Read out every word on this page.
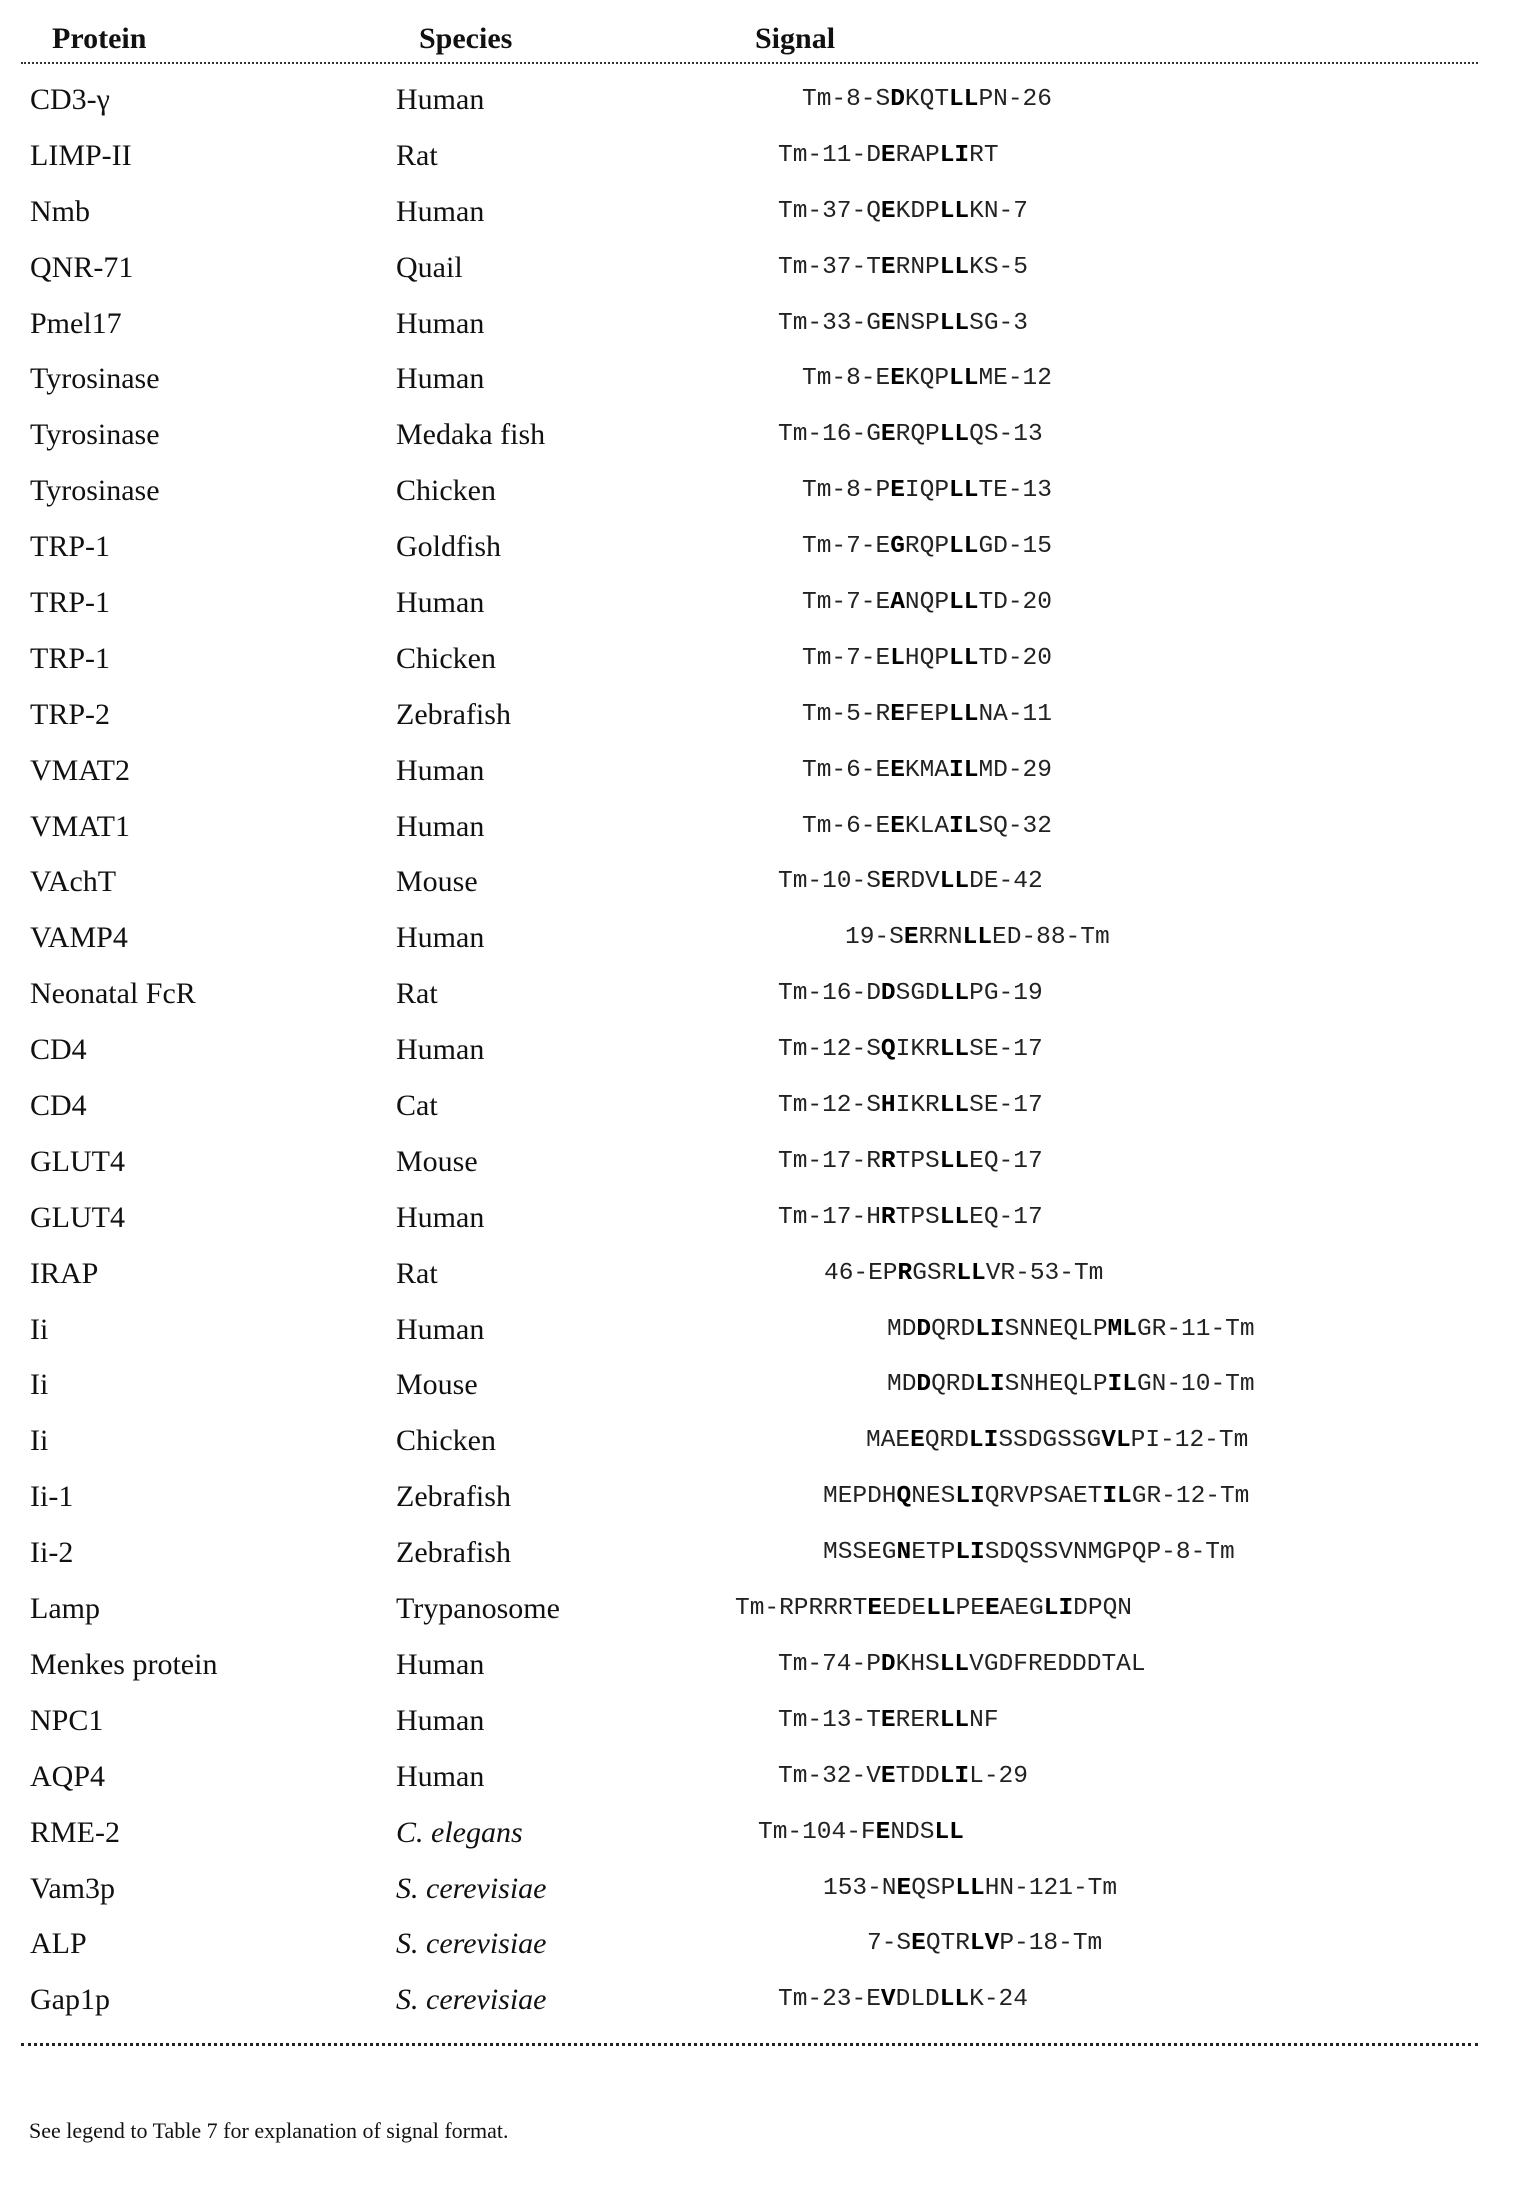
Protein	Species	Signal
CD3-γ	Human	Tm-8-SDKQTLLPN-26
LIMP-II	Rat	Tm-11-DERAPLIRT
Nmb	Human	Tm-37-QEKDPLLKN-7
QNR-71	Quail	Tm-37-TERNPLLKS-5
Pmel17	Human	Tm-33-GENSPLLSG-3
Tyrosinase	Human	Tm-8-EEKQPLLME-12
Tyrosinase	Medaka fish	Tm-16-GERQPLLQS-13
Tyrosinase	Chicken	Tm-8-PEIQPLLTE-13
TRP-1	Goldfish	Tm-7-EGRQPLLGD-15
TRP-1	Human	Tm-7-EANQPLLTD-20
TRP-1	Chicken	Tm-7-ELHQPLLTD-20
TRP-2	Zebrafish	Tm-5-REFEPLLNA-11
VMAT2	Human	Tm-6-EEKMAILMD-29
VMAT1	Human	Tm-6-EEKLAILSQ-32
VAchT	Mouse	Tm-10-SERDVLLDE-42
VAMP4	Human	19-SERRNLLED-88-Tm
Neonatal FcR	Rat	Tm-16-DDSGDLLPG-19
CD4	Human	Tm-12-SQIKRLLSE-17
CD4	Cat	Tm-12-SHIKRLLSE-17
GLUT4	Mouse	Tm-17-RRTPSLLEQ-17
GLUT4	Human	Tm-17-HRTPSLLEQ-17
IRAP	Rat	46-EPRGSRLLVR-53-Tm
Ii	Human	MDDQRDLISNNEQLPMLGR-11-Tm
Ii	Mouse	MDDQRDLISNHEQLPILGN-10-Tm
Ii	Chicken	MAEEQRDLISSDGSSGVLPI-12-Tm
Ii-1	Zebrafish	MEPDHQNESLIQRVPSAETILGR-12-Tm
Ii-2	Zebrafish	MSSEGNETPLISDQSSVNMGPQP-8-Tm
Lamp	Trypanosome	Tm-RPRRRTEEDELLPEEAEGLIDPQN
Menkes protein	Human	Tm-74-PDKHSLLVGDFREDDDTAL
NPC1	Human	Tm-13-TERERLLNF
AQP4	Human	Tm-32-VETDDLIL-29
RME-2	C. elegans	Tm-104-FENDSLL
Vam3p	S. cerevisiae	153-NEQSPLLHN-121-Tm
ALP	S. cerevisiae	7-SEQTRLVP-18-Tm
Gap1p	S. cerevisiae	Tm-23-EVDLDLLK-24
See legend to Table 7 for explanation of signal format.
